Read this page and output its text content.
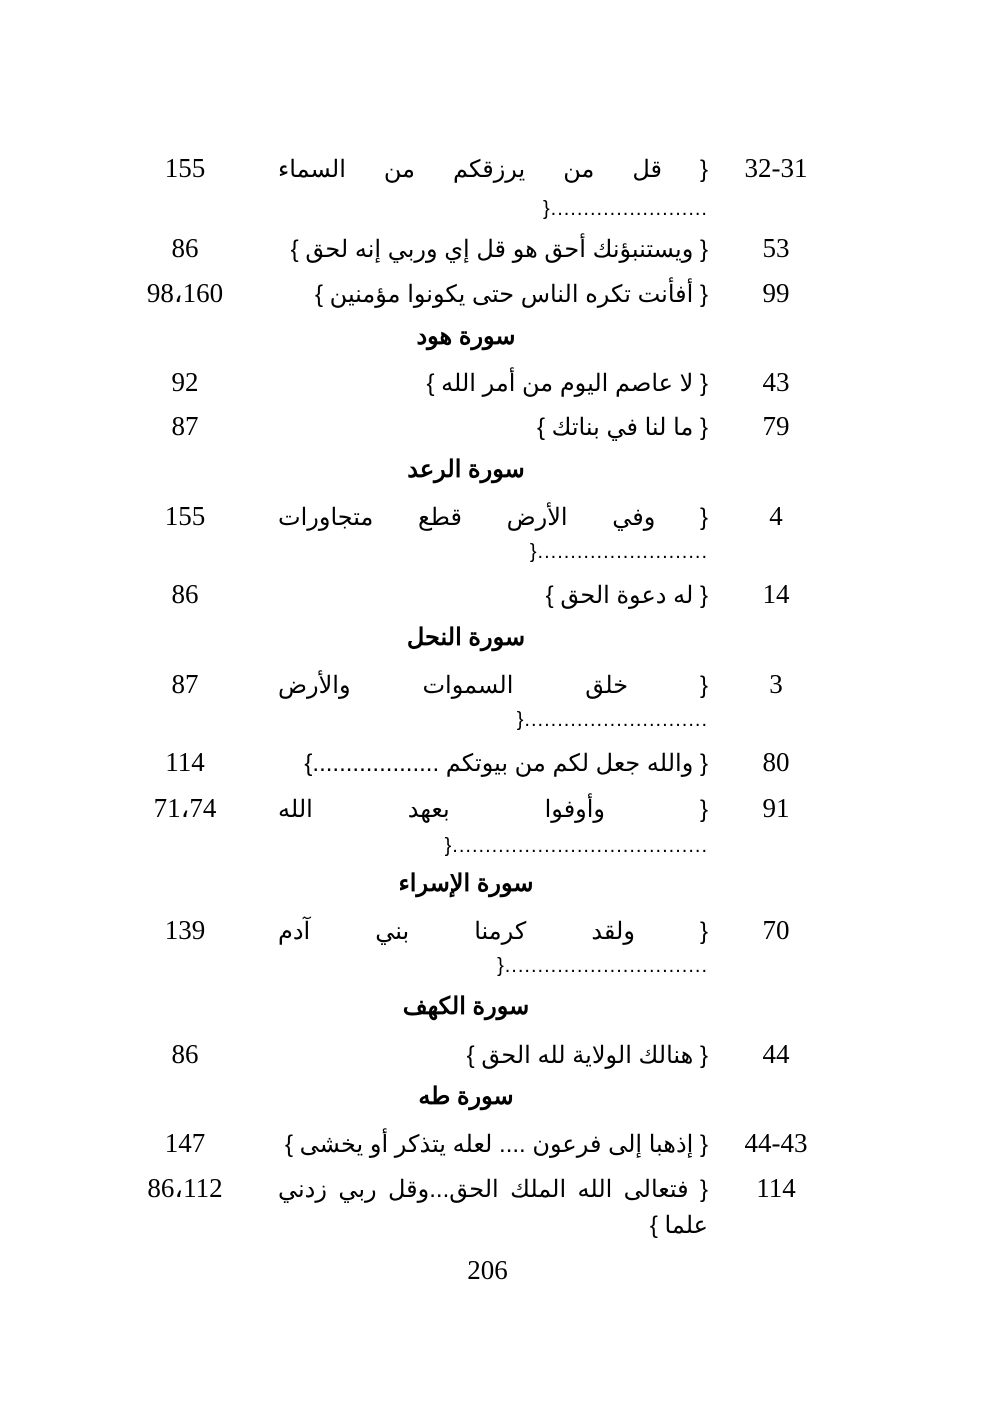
32-31
{ قل من يرزقكم من السماء
155
........................{
53
{ ويستنبؤنك أحق هو قل إي وربي إنه لحق }
86
99
{ أفأنت تكره الناس حتى يكونوا مؤمنين }
98،160
سورة هود
43
{ لا عاصم اليوم من أمر الله }
92
79
{ ما لنا في بناتك }
87
سورة الرعد
4
{ وفي الأرض قطع متجاورات
155
..........................{
14
{ له دعوة الحق }
86
سورة النحل
3
{ خلق السموات والأرض
87
............................{
80
{ والله جعل لكم من بيوتكم ...................}
114
91
{ وأوفوا بعهد الله
71،74
.......................................{
سورة الإسراء
70
{ ولقد كرمنا بني آدم
139
...............................{
سورة الكهف
44
{ هنالك الولاية لله الحق }
86
سورة طه
44-43
{ إذهبا إلى فرعون .... لعله يتذكر أو يخشى }
147
114
{ فتعالى الله الملك الحق...وقل ربي زدني
86،112
علما }
206
